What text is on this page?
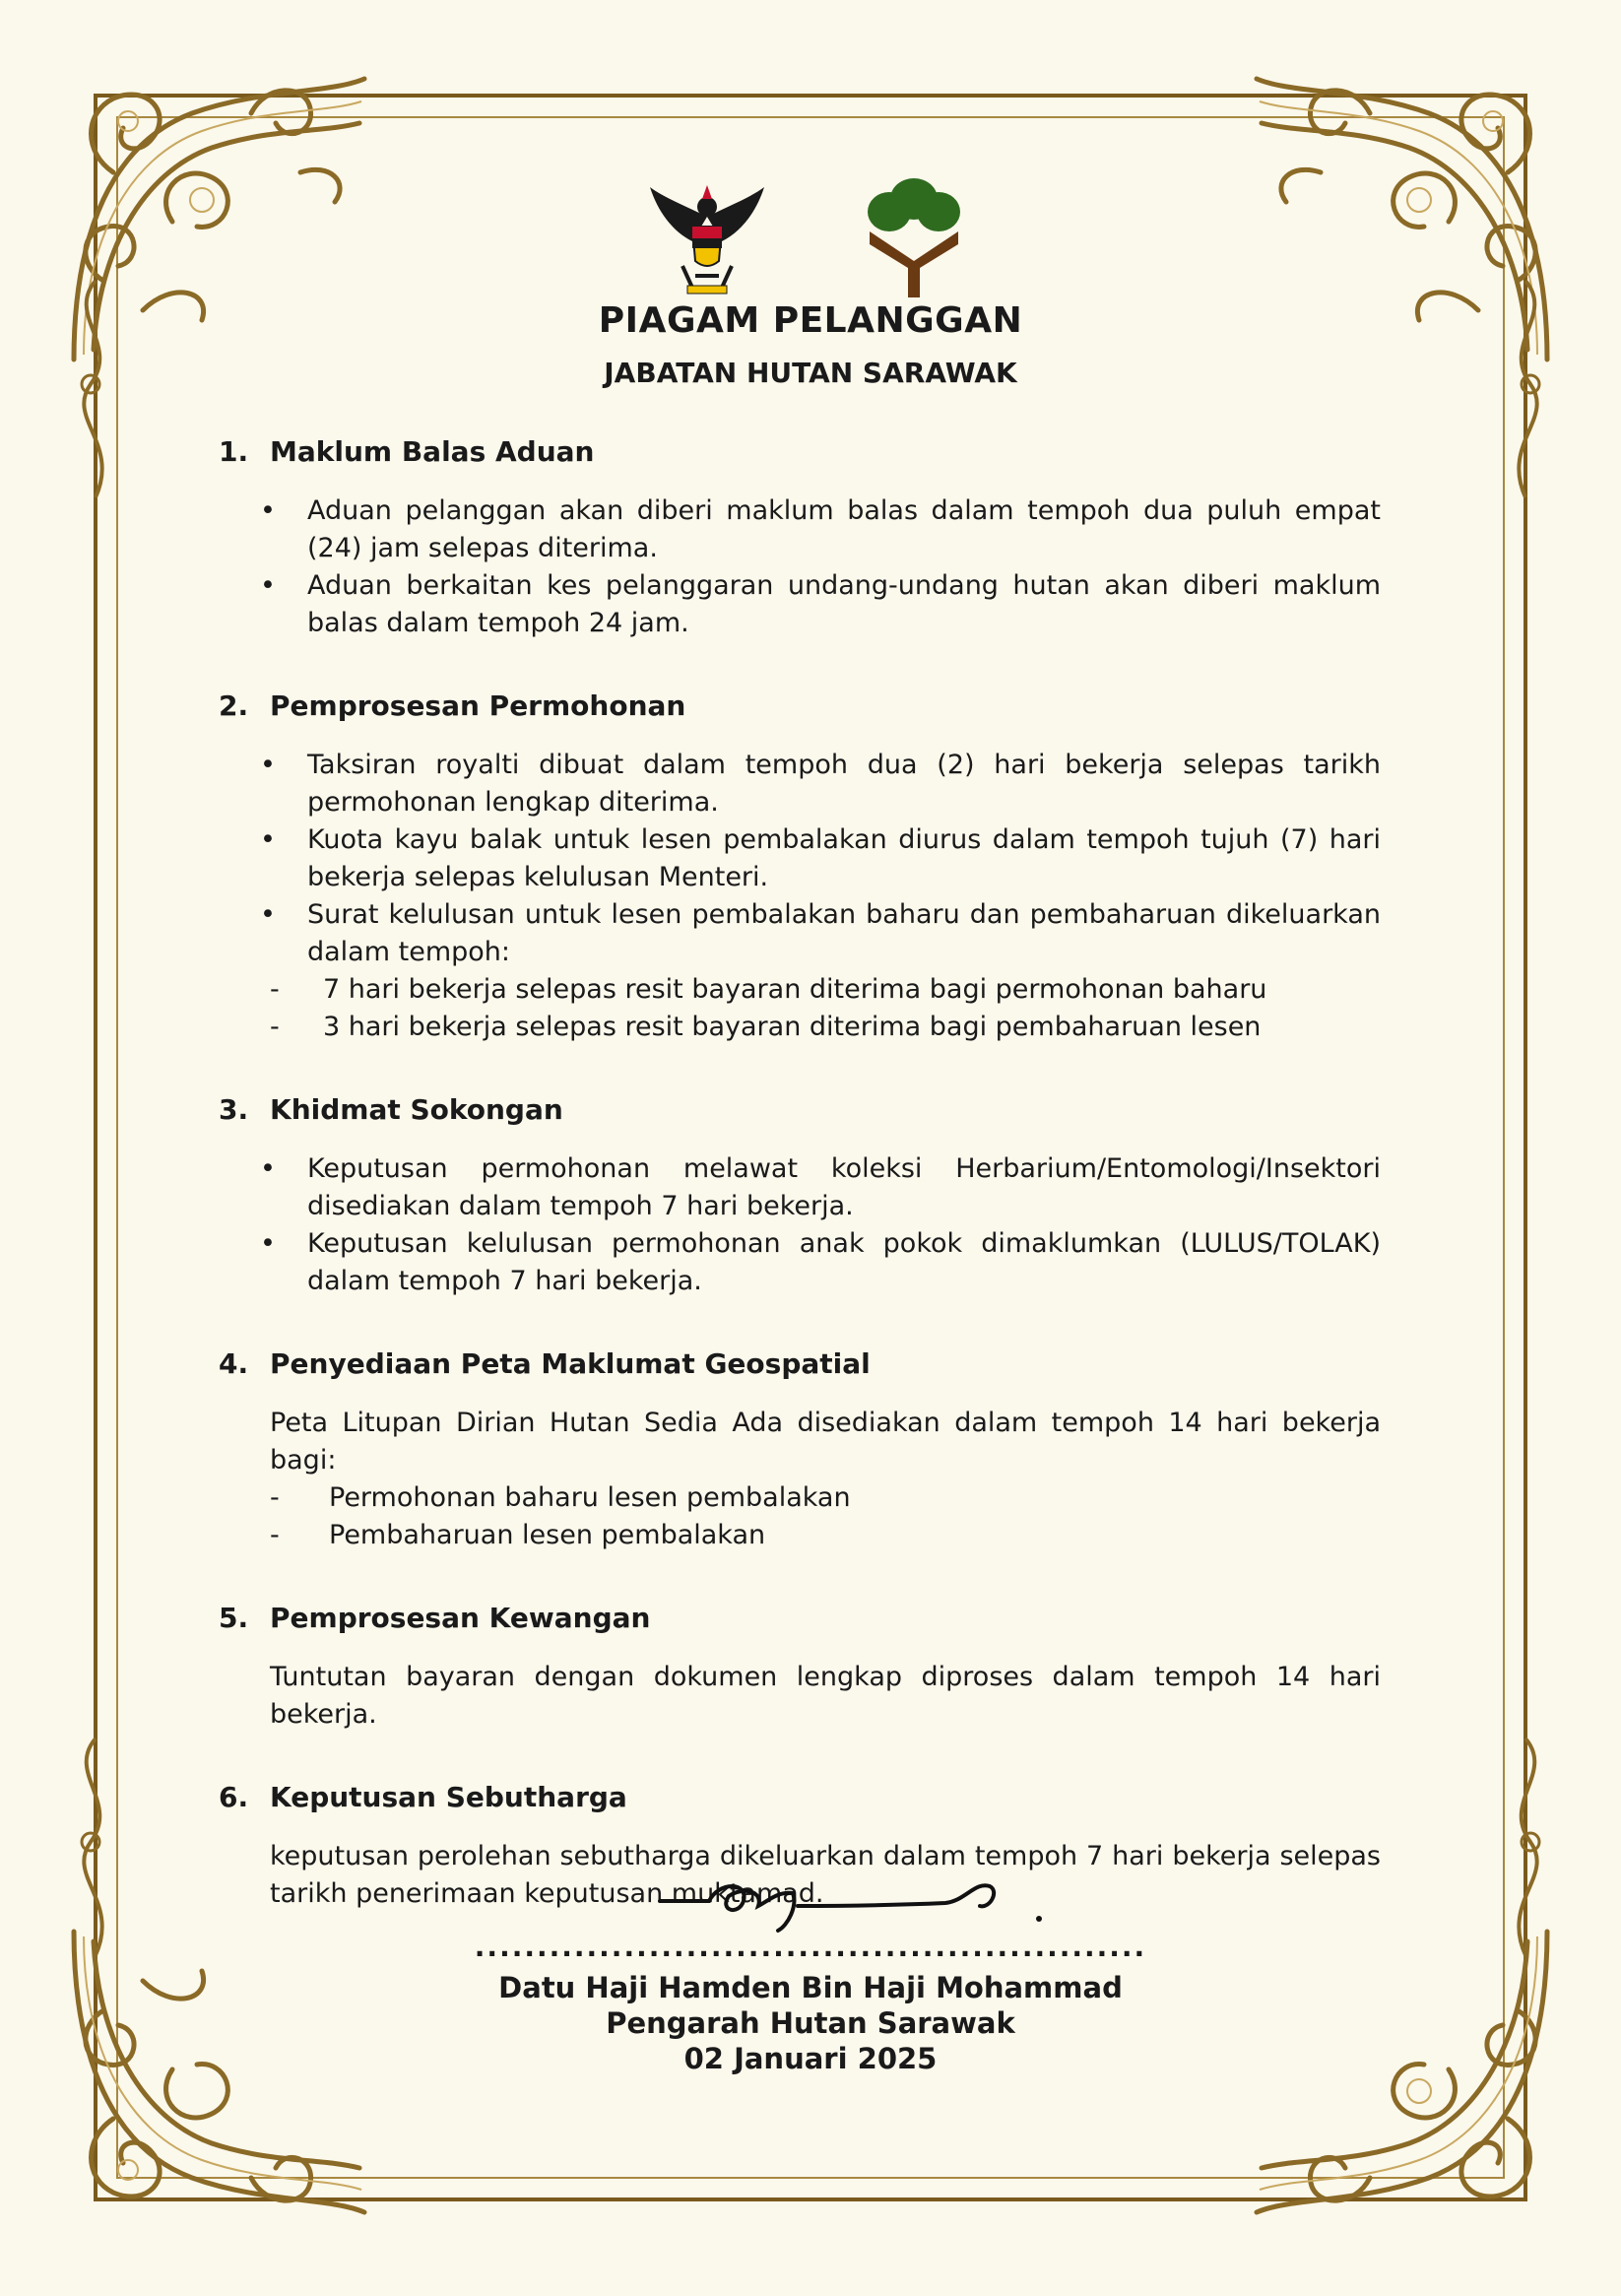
PIAGAM PELANGGAN
JABATAN HUTAN SARAWAK
1. Maklum Balas Aduan
• Aduan pelanggan akan diberi maklum balas dalam tempoh dua puluh empat (24) jam selepas diterima.
• Aduan berkaitan kes pelanggaran undang-undang hutan akan diberi maklum balas dalam tempoh 24 jam.
2. Pemprosesan Permohonan
• Taksiran royalti dibuat dalam tempoh dua (2) hari bekerja selepas tarikh permohonan lengkap diterima.
• Kuota kayu balak untuk lesen pembalakan diurus dalam tempoh tujuh (7) hari bekerja selepas kelulusan Menteri.
• Surat kelulusan untuk lesen pembalakan baharu dan pembaharuan dikeluarkan dalam tempoh:
- 7 hari bekerja selepas resit bayaran diterima bagi permohonan baharu
- 3 hari bekerja selepas resit bayaran diterima bagi pembaharuan lesen
3. Khidmat Sokongan
• Keputusan permohonan melawat koleksi Herbarium/Entomologi/Insektori disediakan dalam tempoh 7 hari bekerja.
• Keputusan kelulusan permohonan anak pokok dimaklumkan (LULUS/TOLAK) dalam tempoh 7 hari bekerja.
4. Penyediaan Peta Maklumat Geospatial
Peta Litupan Dirian Hutan Sedia Ada disediakan dalam tempoh 14 hari bekerja bagi:
- Permohonan baharu lesen pembalakan
- Pembaharuan lesen pembalakan
5. Pemprosesan Kewangan
Tuntutan bayaran dengan dokumen lengkap diproses dalam tempoh 14 hari bekerja.
6. Keputusan Sebutharga
keputusan perolehan sebutharga dikeluarkan dalam tempoh 7 hari bekerja selepas tarikh penerimaan keputusan muktamad.
......................................................
Datu Haji Hamden Bin Haji Mohammad
Pengarah Hutan Sarawak
02 Januari 2025
